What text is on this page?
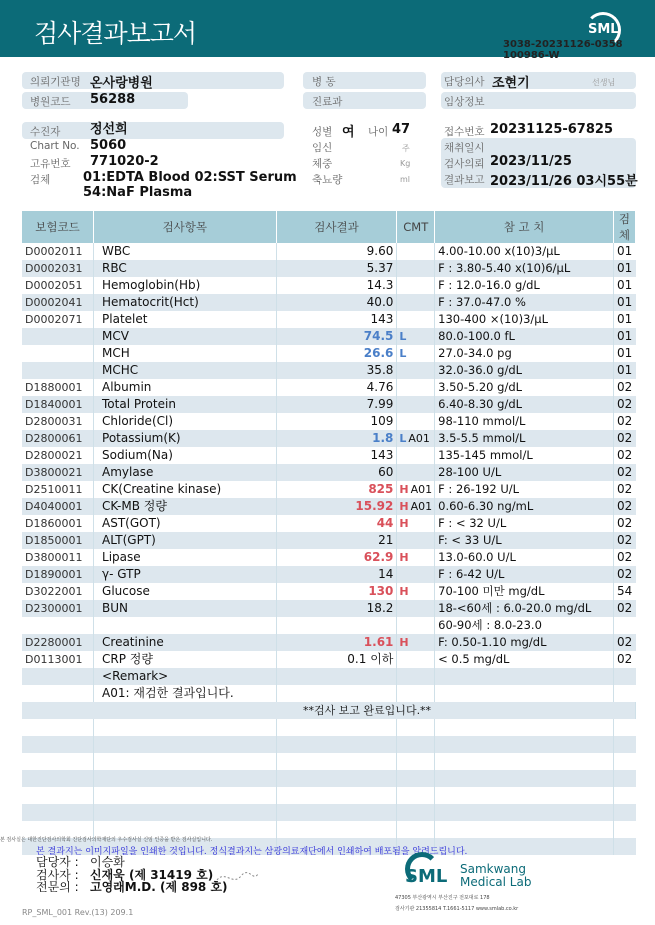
검사결과보고서	SML
3038-20231126-0358
100986-W
의뢰기관명 온사랑병원
병원코드 56288
병 동
진료과
담당의사 조현기	선생님
임상정보
수진자 정선희
Chart No. 5060
고유번호 771020-2
검체	01:EDTA Blood 02:SST Serum
54:NaF Plasma
성별 여 나이 47
임신	주
체중	Kg
축뇨량	ml
접수번호 20231125-67825
채취일시
검사의뢰 2023/11/25
결과보고 2023/11/26 03시55분
보험코드	검사항목	검사결과	CMT	참 고 치	검체
D0002011	WBC	9.60		4.00-10.00 x(10)3/μL	01
D0002031	RBC	5.37		F : 3.80-5.40 x(10)6/μL	01
D0002051	Hemoglobin(Hb)	14.3		F : 12.0-16.0 g/dL	01
D0002041	Hematocrit(Hct)	40.0		F : 37.0-47.0 %	01
D0002071	Platelet	143		130-400 ×(10)3/μL	01
	MCV	74.5	L	80.0-100.0 fL	01
	MCH	26.6	L	27.0-34.0 pg	01
	MCHC	35.8		32.0-36.0 g/dL	01
D1880001	Albumin	4.76		3.50-5.20 g/dL	02
D1840001	Total Protein	7.99		6.40-8.30 g/dL	02
D2800031	Chloride(Cl)	109		98-110 mmol/L	02
D2800061	Potassium(K)	1.8	L A01	3.5-5.5 mmol/L	02
D2800021	Sodium(Na)	143		135-145 mmol/L	02
D3800021	Amylase	60		28-100 U/L	02
D2510011	CK(Creatine kinase)	825	H A01	F : 26-192 U/L	02
D4040001	CK-MB 정량	15.92	H A01	0.60-6.30 ng/mL	02
D1860001	AST(GOT)	44	H	F : < 32 U/L	02
D1850001	ALT(GPT)	21		F: < 33 U/L	02
D3800011	Lipase	62.9	H	13.0-60.0 U/L	02
D1890001	γ- GTP	14		F : 6-42 U/L	02
D3022001	Glucose	130	H	70-100 미만 mg/dL	54
D2300001	BUN	18.2		18-<60세 : 6.0-20.0 mg/dL	02
				60-90세 : 8.0-23.0	
D2280001	Creatinine	1.61	H	F: 0.50-1.10 mg/dL	02
D0113001	CRP 정량	0.1 이하		< 0.5 mg/dL	02
	<Remark>				
	A01: 재검한 결과입니다.				
**검사 보고 완료입니다.**					

본 검사실은 대한진단검사의학회 진단검사의학재단의 우수검사실 신임 인증을 받은 검사실입니다.
본 결과지는 이미지파일을 인쇄한 것입니다. 정식결과지는 삼광의료재단에서 인쇄하여 배포됨을 알려드립니다.
담당자 : 이승화
검사자 : 신재욱 (제 31419 호)
전문의 : 고영래M.D. (제 898 호)
RP_SML_001 Rev.(13) 209.1
SML Samkwang
Medical Lab
47305 부산광역시 부산진구 전포대로 178
검사기관 21355814 T.1661-5117 www.smlab.co.kr
